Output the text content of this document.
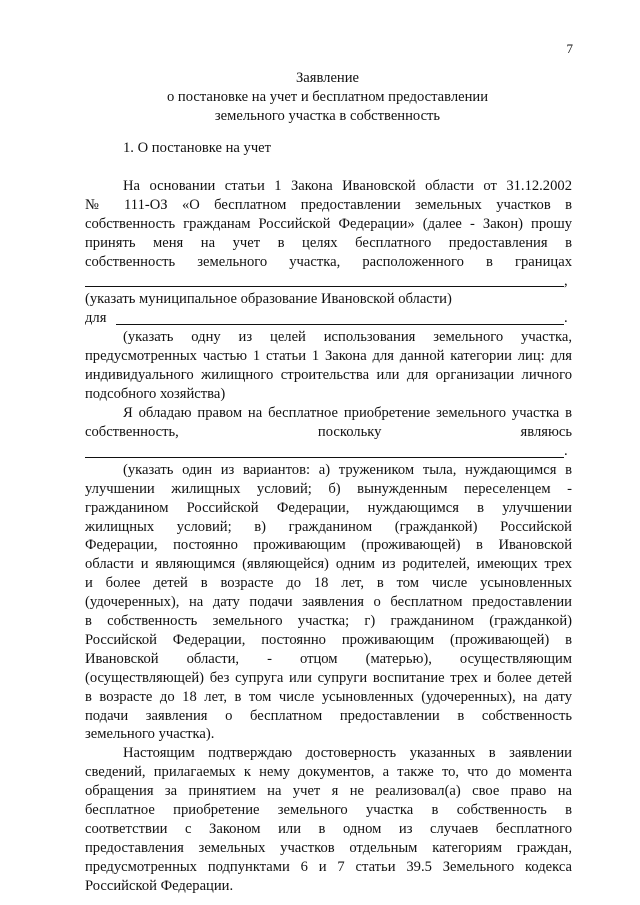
7
Заявление
о постановке на учет и бесплатном предоставлении
земельного участка в собственность
1. О постановке на учет
На основании статьи 1 Закона Ивановской области от 31.12.2002
№ 111-ОЗ «О бесплатном предоставлении земельных участков в
собственность гражданам Российской Федерации» (далее - Закон) прошу
принять меня на учет в целях бесплатного предоставления в
собственность земельного участка, расположенного в границах
,
(указать муниципальное образование Ивановской области)
для	.
(указать одну из целей использования земельного участка,
предусмотренных частью 1 статьи 1 Закона для данной категории лиц: для
индивидуального жилищного строительства или для организации личного
подсобного хозяйства)
Я обладаю правом на бесплатное приобретение земельного участка в
собственность, поскольку являюсь
.
(указать один из вариантов: а) тружеником тыла, нуждающимся в
улучшении жилищных условий; б) вынужденным переселенцем -
гражданином Российской Федерации, нуждающимся в улучшении
жилищных условий; в) гражданином (гражданкой) Российской
Федерации, постоянно проживающим (проживающей) в Ивановской
области и являющимся (являющейся) одним из родителей, имеющих трех
и более детей в возрасте до 18 лет, в том числе усыновленных
(удочеренных), на дату подачи заявления о бесплатном предоставлении
в собственность земельного участка; г) гражданином (гражданкой)
Российской Федерации, постоянно проживающим (проживающей) в
Ивановской области, - отцом (матерью), осуществляющим
(осуществляющей) без супруга или супруги воспитание трех и более детей
в возрасте до 18 лет, в том числе усыновленных (удочеренных), на дату
подачи заявления о бесплатном предоставлении в собственность
земельного участка).
Настоящим подтверждаю достоверность указанных в заявлении
сведений, прилагаемых к нему документов, а также то, что до момента
обращения за принятием на учет я не реализовал(а) свое право на
бесплатное приобретение земельного участка в собственность в
соответствии с Законом или в одном из случаев бесплатного
предоставления земельных участков отдельным категориям граждан,
предусмотренных подпунктами 6 и 7 статьи 39.5 Земельного кодекса
Российской Федерации.
